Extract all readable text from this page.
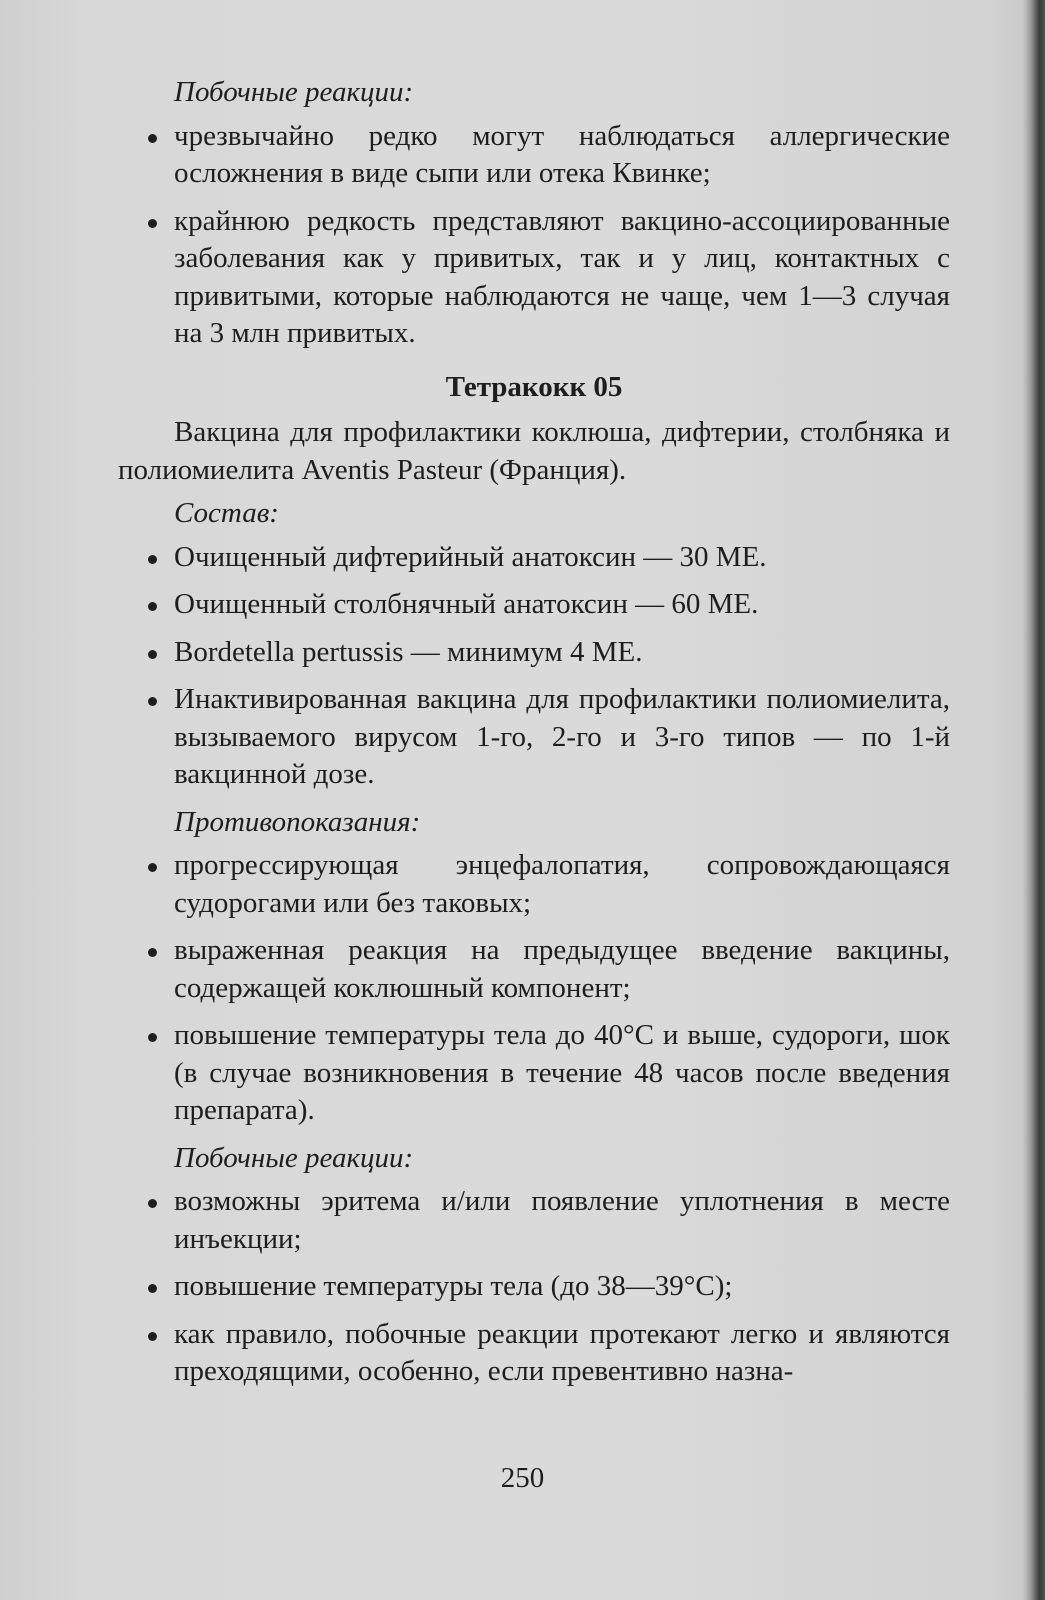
Побочные реакции:
чрезвычайно редко могут наблюдаться аллергические осложнения в виде сыпи или отека Квинке;
крайнюю редкость представляют вакцино-ассоциированные заболевания как у привитых, так и у лиц, контактных с привитыми, которые наблюдаются не чаще, чем 1—3 случая на 3 млн привитых.
Тетракокк 05
Вакцина для профилактики коклюша, дифтерии, столбняка и полиомиелита Aventis Pasteur (Франция).
Состав:
Очищенный дифтерийный анатоксин — 30 МЕ.
Очищенный столбнячный анатоксин — 60 МЕ.
Bordetella pertussis — минимум 4 МЕ.
Инактивированная вакцина для профилактики полиомиелита, вызываемого вирусом 1-го, 2-го и 3-го типов — по 1-й вакцинной дозе.
Противопоказания:
прогрессирующая энцефалопатия, сопровождающаяся судорогами или без таковых;
выраженная реакция на предыдущее введение вакцины, содержащей коклюшный компонент;
повышение температуры тела до 40°С и выше, судороги, шок (в случае возникновения в течение 48 часов после введения препарата).
Побочные реакции:
возможны эритема и/или появление уплотнения в месте инъекции;
повышение температуры тела (до 38—39°С);
как правило, побочные реакции протекают легко и являются преходящими, особенно, если превентивно назна-
250
